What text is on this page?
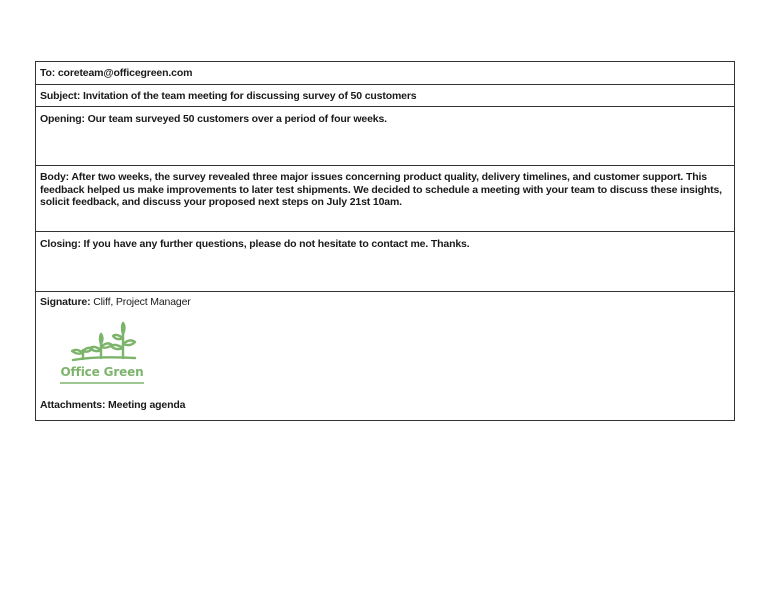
To: coreteam@officegreen.com
Subject: Invitation of the team meeting for discussing survey of 50 customers
Opening: Our team surveyed 50 customers over a period of four weeks.
Body: After two weeks, the survey revealed three major issues concerning product quality, delivery timelines, and customer support. This feedback helped us make improvements to later test shipments. We decided to schedule a meeting with your team to discuss these insights, solicit feedback, and discuss your proposed next steps on July 21st 10am.
Closing: If you have any further questions, please do not hesitate to contact me. Thanks.
Signature: Cliff, Project Manager
Office Green
Attachments: Meeting agenda
